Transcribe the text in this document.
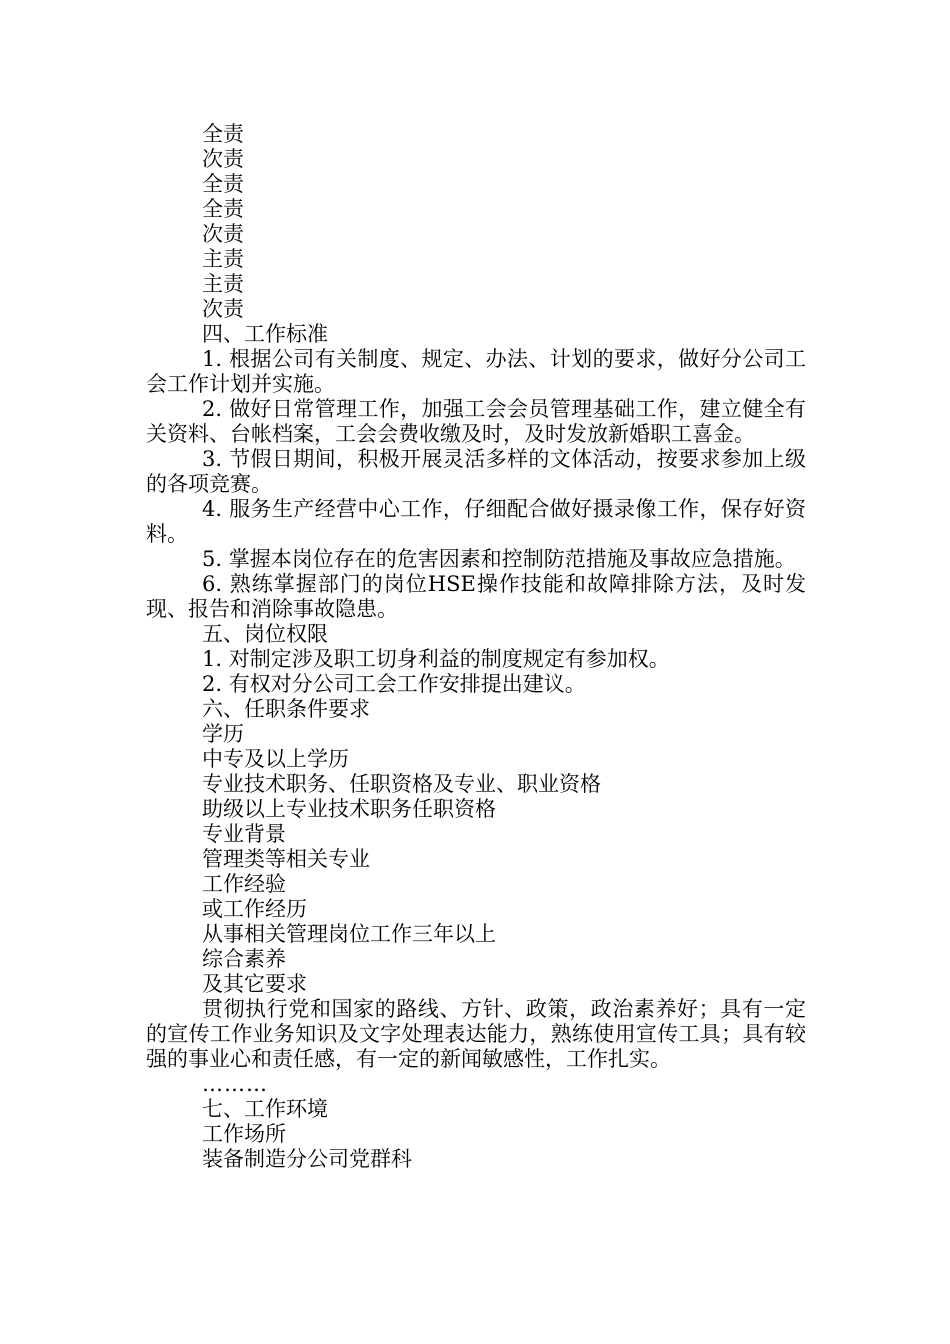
全责
次责
全责
全责
次责
主责
主责
次责
四、工作标准
1. 根据公司有关制度、规定、办法、计划的要求，做好分公司工会工作计划并实施。
2. 做好日常管理工作，加强工会会员管理基础工作，建立健全有关资料、台帐档案，工会会费收缴及时，及时发放新婚职工喜金。
3. 节假日期间，积极开展灵活多样的文体活动，按要求参加上级的各项竞赛。
4. 服务生产经营中心工作，仔细配合做好摄录像工作，保存好资料。
5. 掌握本岗位存在的危害因素和控制防范措施及事故应急措施。
6. 熟练掌握部门的岗位HSE操作技能和故障排除方法，及时发现、报告和消除事故隐患。
五、岗位权限
1. 对制定涉及职工切身利益的制度规定有参加权。
2. 有权对分公司工会工作安排提出建议。
六、任职条件要求
学历
中专及以上学历
专业技术职务、任职资格及专业、职业资格
助级以上专业技术职务任职资格
专业背景
管理类等相关专业
工作经验
或工作经历
从事相关管理岗位工作三年以上
综合素养
及其它要求
贯彻执行党和国家的路线、方针、政策，政治素养好；具有一定的宣传工作业务知识及文字处理表达能力，熟练使用宣传工具；具有较强的事业心和责任感，有一定的新闻敏感性，工作扎实。
………
七、工作环境
工作场所
装备制造分公司党群科
